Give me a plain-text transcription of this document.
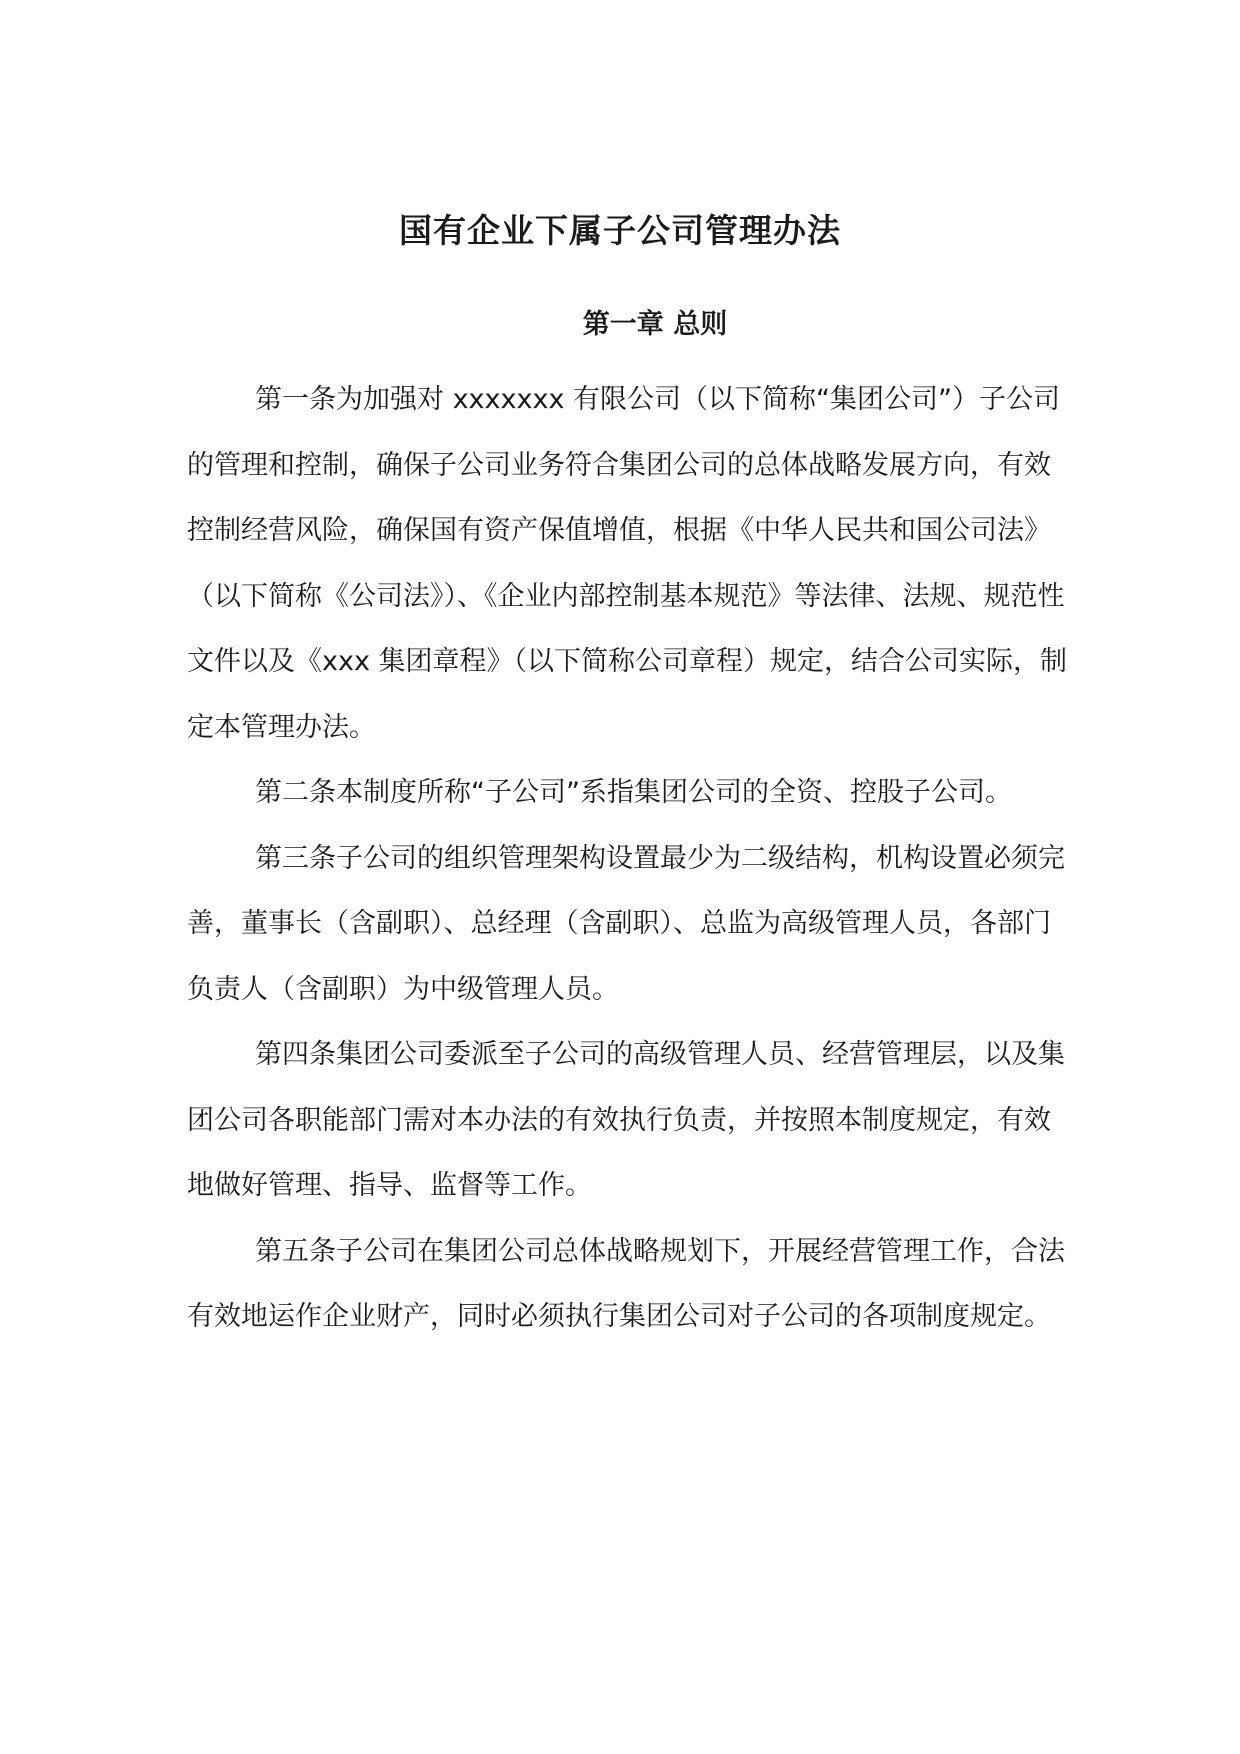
国有企业下属子公司管理办法
第一章 总则

第一条为加强对 xxxxxxx 有限公司（以下简称“集团公司”）子公司的管理和控制，确保子公司业务符合集团公司的总体战略发展方向，有效控制经营风险，确保国有资产保值增值，根据《中华人民共和国公司法》（以下简称《公司法》）、《企业内部控制基本规范》等法律、法规、规范性文件以及《xxx 集团章程》（以下简称公司章程）规定，结合公司实际，制定本管理办法。

第二条本制度所称“子公司”系指集团公司的全资、控股子公司。

第三条子公司的组织管理架构设置最少为二级结构，机构设置必须完善，董事长（含副职）、总经理（含副职）、总监为高级管理人员，各部门负责人（含副职）为中级管理人员。

第四条集团公司委派至子公司的高级管理人员、经营管理层，以及集团公司各职能部门需对本办法的有效执行负责，并按照本制度规定，有效地做好管理、指导、监督等工作。

第五条子公司在集团公司总体战略规划下，开展经营管理工作，合法有效地运作企业财产，同时必须执行集团公司对子公司的各项制度规定。
